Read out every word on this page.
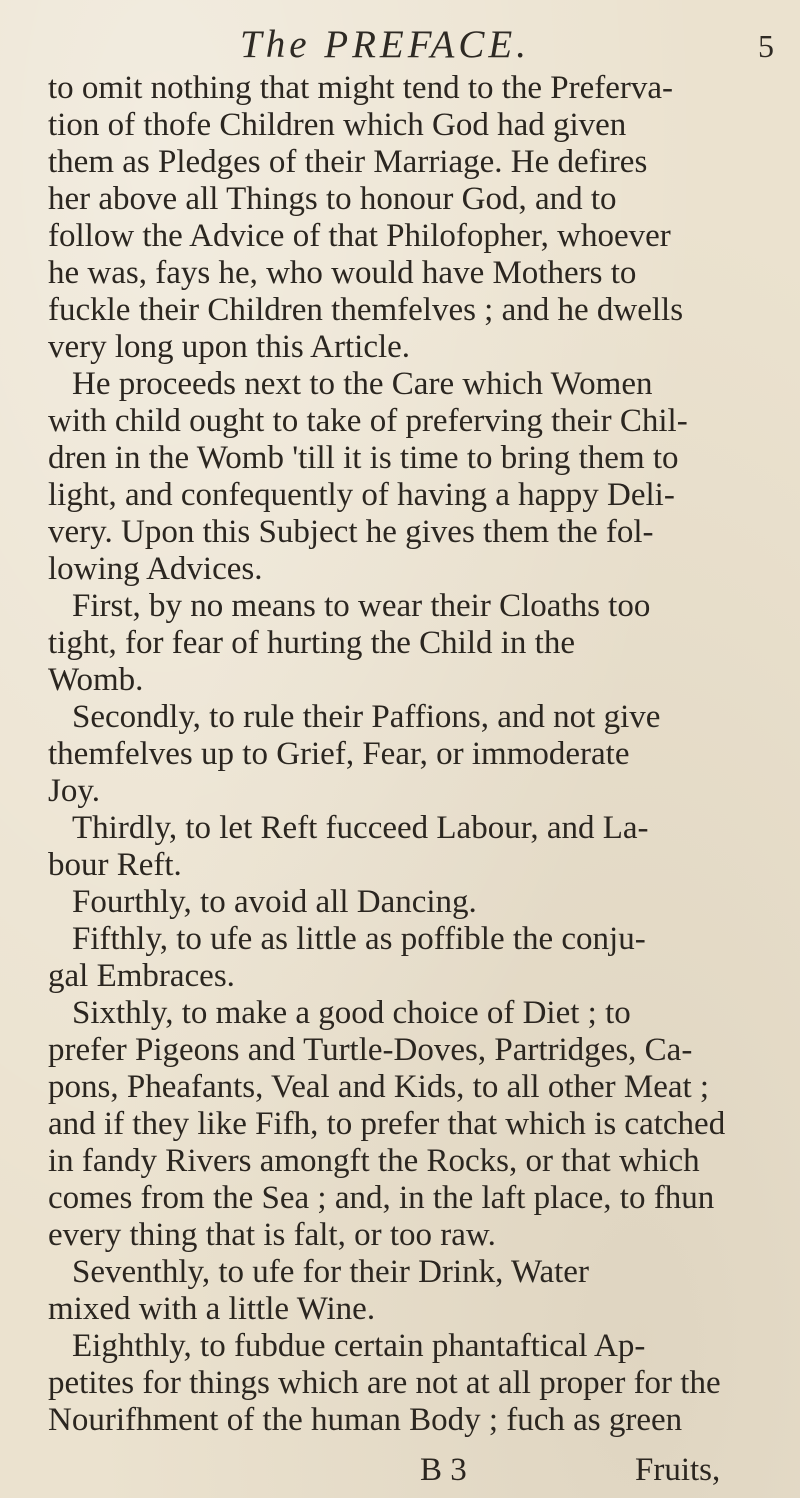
The PREFACE.	5
to omit nothing that might tend to the Preferva-
tion of thofe Children which God had given
them as Pledges of their Marriage. He defires
her above all Things to honour God, and to
follow the Advice of that Philofopher, whoever
he was, fays he, who would have Mothers to
fuckle their Children themfelves ; and he dwells
very long upon this Article.
He proceeds next to the Care which Women
with child ought to take of preferving their Chil-
dren in the Womb 'till it is time to bring them to
light, and confequently of having a happy Deli-
very. Upon this Subject he gives them the fol-
lowing Advices.
First, by no means to wear their Cloaths too
tight, for fear of hurting the Child in the
Womb.
Secondly, to rule their Paffions, and not give
themfelves up to Grief, Fear, or immoderate
Joy.
Thirdly, to let Reft fucceed Labour, and La-
bour Reft.
Fourthly, to avoid all Dancing.
Fifthly, to ufe as little as poffible the conju-
gal Embraces.
Sixthly, to make a good choice of Diet ; to
prefer Pigeons and Turtle-Doves, Partridges, Ca-
pons, Pheafants, Veal and Kids, to all other Meat ;
and if they like Fifh, to prefer that which is catched
in fandy Rivers amongft the Rocks, or that which
comes from the Sea ; and, in the laft place, to fhun
every thing that is falt, or too raw.
Seventhly, to ufe for their Drink, Water
mixed with a little Wine.
Eighthly, to fubdue certain phantaftical Ap-
petites for things which are not at all proper for the
Nourifhment of the human Body ; fuch as green
B 3	Fruits,
